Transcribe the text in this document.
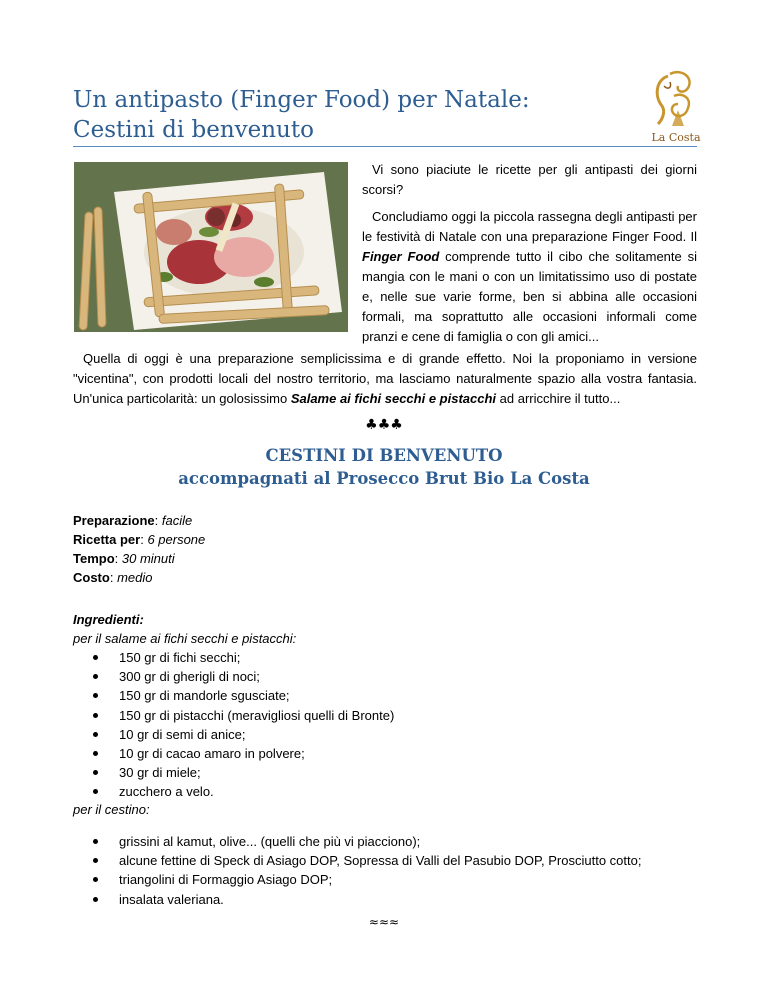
Un antipasto (Finger Food) per Natale:
Cestini di benvenuto	La Costa

Vi sono piaciute le ricette per gli antipasti dei giorni scorsi?

Concludiamo oggi la piccola rassegna degli antipasti per le festività di Natale con una preparazione Finger Food. Il Finger Food comprende tutto il cibo che solitamente si mangia con le mani o con un limitatissimo uso di postate e, nelle sue varie forme, ben si abbina alle occasioni formali, ma soprattutto alle occasioni informali come pranzi e cene di famiglia o con gli amici...

Quella di oggi è una preparazione semplicissima e di grande effetto. Noi la proponiamo in versione "vicentina", con prodotti locali del nostro territorio, ma lasciamo naturalmente spazio alla vostra fantasia. Un'unica particolarità: un golosissimo Salame ai fichi secchi e pistacchi ad arricchire il tutto...

♣♣♣
CESTINI DI BENVENUTO
accompagnati al Prosecco Brut Bio La Costa
Preparazione: facile
Ricetta per: 6 persone
Tempo: 30 minuti
Costo: medio
Ingredienti:
per il salame ai fichi secchi e pistacchi:
150 gr di fichi secchi;
300 gr di gherigli di noci;
150 gr di mandorle sgusciate;
150 gr di pistacchi (meravigliosi quelli di Bronte)
10 gr di semi di anice;
10 gr di cacao amaro in polvere;
30 gr di miele;
zucchero a velo.
per il cestino:
grissini al kamut, olive... (quelli che più vi piacciono);
alcune fettine di Speck di Asiago DOP, Sopressa di Valli del Pasubio DOP, Prosciutto cotto;
triangolini di Formaggio Asiago DOP;
insalata valeriana.
≈≈≈
